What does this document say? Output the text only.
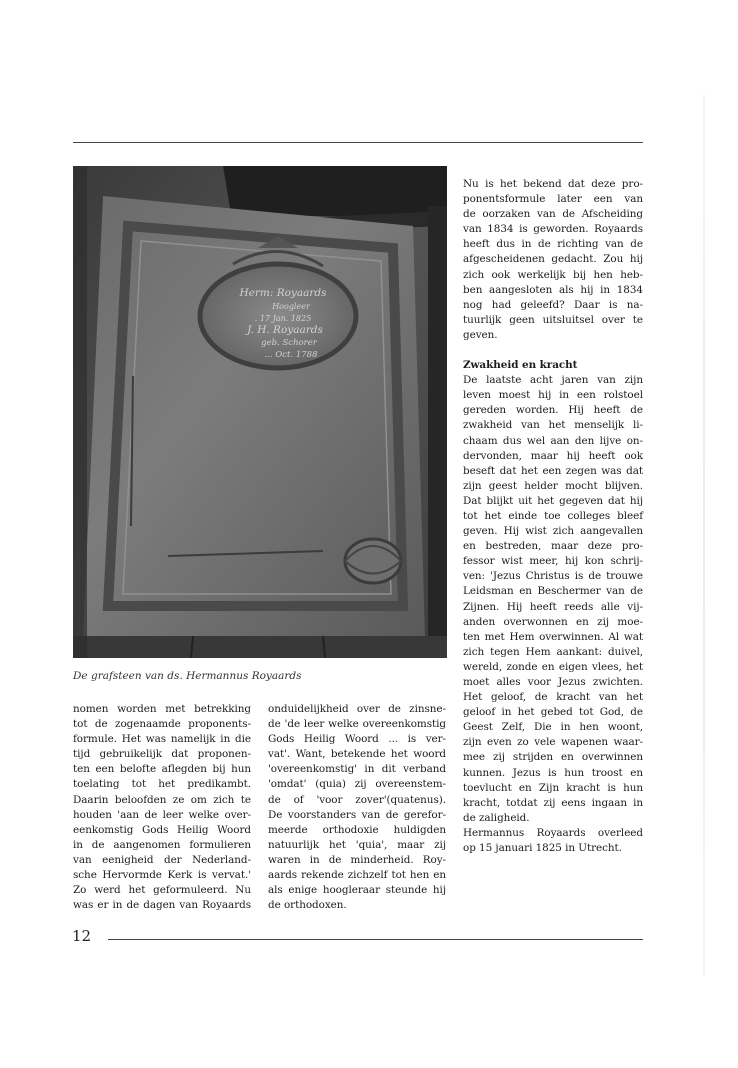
Herm: Royaards
Hoogleer
. 17 Jan. 1825
J. H. Royaards
geb. Schorer
... Oct. 1788
De grafsteen van ds. Hermannus Royaards
nomen worden met betrekking
tot de zogenaamde proponents-
formule. Het was namelijk in die
tijd gebruikelijk dat proponen-
ten een belofte aflegden bij hun
toelating tot het predikambt.
Daarin beloofden ze om zich te
houden 'aan de leer welke over-
eenkomstig Gods Heilig Woord
in de aangenomen formulieren
van eenigheid der Nederland-
sche Hervormde Kerk is vervat.'
Zo werd het geformuleerd. Nu
was er in de dagen van Royaards
onduidelijkheid over de zinsne-
de 'de leer welke overeenkomstig
Gods Heilig Woord ... is ver-
vat'. Want, betekende het woord
'overeenkomstig' in dit verband
'omdat' (quia) zij overeenstem-
de of 'voor zover'(quatenus).
De voorstanders van de gerefor-
meerde orthodoxie huldigden
natuurlijk het 'quia', maar zij
waren in de minderheid. Roy-
aards rekende zichzelf tot hen en
als enige hoogleraar steunde hij
de orthodoxen.
Nu is het bekend dat deze pro-
ponentsformule later een van
de oorzaken van de Afscheiding
van 1834 is geworden. Royaards
heeft dus in de richting van de
afgescheidenen gedacht. Zou hij
zich ook werkelijk bij hen heb-
ben aangesloten als hij in 1834
nog had geleefd? Daar is na-
tuurlijk geen uitsluitsel over te
geven.
Zwakheid en kracht
De laatste acht jaren van zijn
leven moest hij in een rolstoel
gereden worden. Hij heeft de
zwakheid van het menselijk li-
chaam dus wel aan den lijve on-
dervonden, maar hij heeft ook
beseft dat het een zegen was dat
zijn geest helder mocht blijven.
Dat blijkt uit het gegeven dat hij
tot het einde toe colleges bleef
geven. Hij wist zich aangevallen
en bestreden, maar deze pro-
fessor wist meer, hij kon schrij-
ven: 'Jezus Christus is de trouwe
Leidsman en Beschermer van de
Zijnen. Hij heeft reeds alle vij-
anden overwonnen en zij moe-
ten met Hem overwinnen. Al wat
zich tegen Hem aankant: duivel,
wereld, zonde en eigen vlees, het
moet alles voor Jezus zwichten.
Het geloof, de kracht van het
geloof in het gebed tot God, de
Geest Zelf, Die in hen woont,
zijn even zo vele wapenen waar-
mee zij strijden en overwinnen
kunnen. Jezus is hun troost en
toevlucht en Zijn kracht is hun
kracht, totdat zij eens ingaan in
de zaligheid.
Hermannus Royaards overleed
op 15 januari 1825 in Utrecht.
12
